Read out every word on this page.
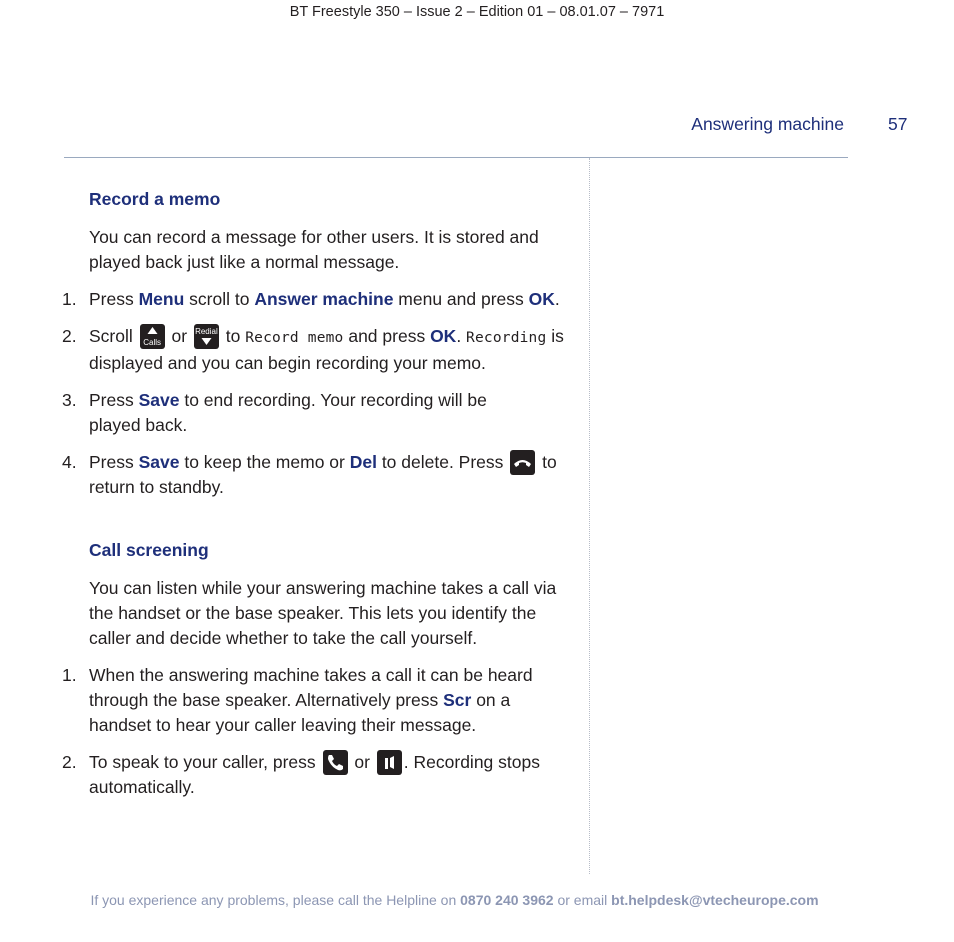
BT Freestyle 350 – Issue 2 – Edition 01 – 08.01.07 – 7971
Answering machine	57
Record a memo
You can record a message for other users. It is stored and played back just like a normal message.
1. Press Menu scroll to Answer machine menu and press OK.
2. Scroll Calls or Redial to Record memo and press OK. Recording is displayed and you can begin recording your memo.
3. Press Save to end recording. Your recording will be
played back.
4. Press Save to keep the memo or Del to delete. Press
to return to standby.
Call screening
You can listen while your answering machine takes a call via the handset or the base speaker. This lets you identify the caller and decide whether to take the call yourself.
1. When the answering machine takes a call it can be heard through the base speaker. Alternatively press Scr on a handset to hear your caller leaving their message.
2. To speak to your caller, press
or
. Recording stops automatically.
If you experience any problems, please call the Helpline on 0870 240 3962 or email bt.helpdesk@vtecheurope.com
